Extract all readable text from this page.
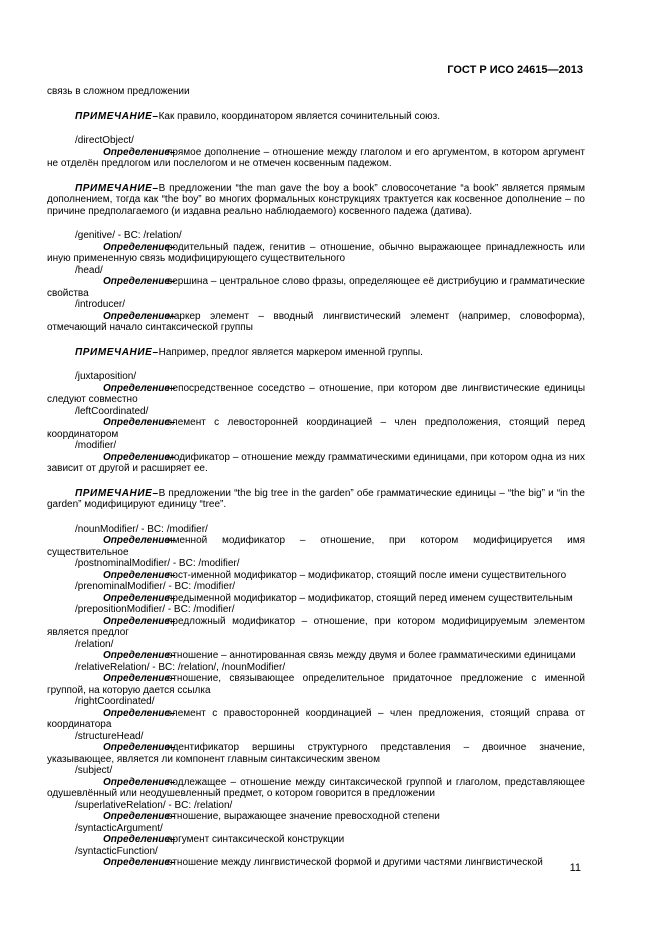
ГОСТ Р ИСО 24615—2013

связь в сложном предложении

ПРИМЕЧАНИЕ–Как правило, координатором является сочинительный союз.

/directObject/

Определение–прямое дополнение – отношение между глаголом и его аргументом, в котором аргумент не отделён предлогом или послелогом и не отмечен косвенным падежом.

ПРИМЕЧАНИЕ–В предложении “the man gave the boy a book” словосочетание “a book” является прямым дополнением, тогда как “the boy” во многих формальных конструкциях трактуется как косвенное дополнение – по причине предполагаемого (и издавна реально наблюдаемого) косвенного падежа (датива).

/genitive/ - BC: /relation/

Определение–родительный падеж, генитив – отношение, обычно выражающее принадлежность или иную примененную связь модифицирующего существительного

/head/

Определение–вершина – центральное слово фразы, определяющее её дистрибуцию и грамматические свойства

/introducer/

Определение–маркер элемент – вводный лингвистический элемент (например, словоформа), отмечающий начало синтаксической группы

ПРИМЕЧАНИЕ–Например, предлог является маркером именной группы.

/juxtaposition/

Определение–непосредственное соседство – отношение, при котором две лингвистические единицы следуют совместно

/leftCoordinated/

Определение–элемент с левосторонней координацией – член предположения, стоящий перед координатором

/modifier/

Определение–модификатор – отношение между грамматическими единицами, при котором одна из них зависит от другой и расширяет ее.

ПРИМЕЧАНИЕ–В предложении “the big tree in the garden” обе грамматические единицы – “the big” и “in the garden” модифицируют единицу “tree”.

/nounModifier/ - BC: /modifier/

Определение–именной модификатор – отношение, при котором модифицируется имя существительное

/postnominalModifier/ - BC: /modifier/

Определение–пост-именной модификатор – модификатор, стоящий после имени существительного

/prenominalModifier/ - BC: /modifier/

Определение–предыменной модификатор – модификатор, стоящий перед именем существительным

/prepositionModifier/ - BC: /modifier/

Определение–предложный модификатор – отношение, при котором модифицируемым элементом является предлог

/relation/

Определение–отношение – аннотированная связь между двумя и более грамматическими единицами

/relativeRelation/ - BC: /relation/, /nounModifier/

Определение–отношение, связывающее определительное придаточное предложение с именной группой, на которую дается ссылка

/rightCoordinated/

Определение–элемент с правосторонней координацией – член предложения, стоящий справа от координатора

/structureHead/

Определение–идентификатор вершины структурного представления – двоичное значение, указывающее, является ли компонент главным синтаксическим звеном

/subject/

Определение–подлежащее – отношение между синтаксической группой и глаголом, представляющее одушевлённый или неодушевленный предмет, о котором говорится в предложении

/superlativeRelation/ - BC: /relation/

Определение–отношение, выражающее значение превосходной степени

/syntacticArgument/

Определение–аргумент синтаксической конструкции

/syntacticFunction/

Определение–отношение между лингвистической формой и другими частями лингвистической	11
